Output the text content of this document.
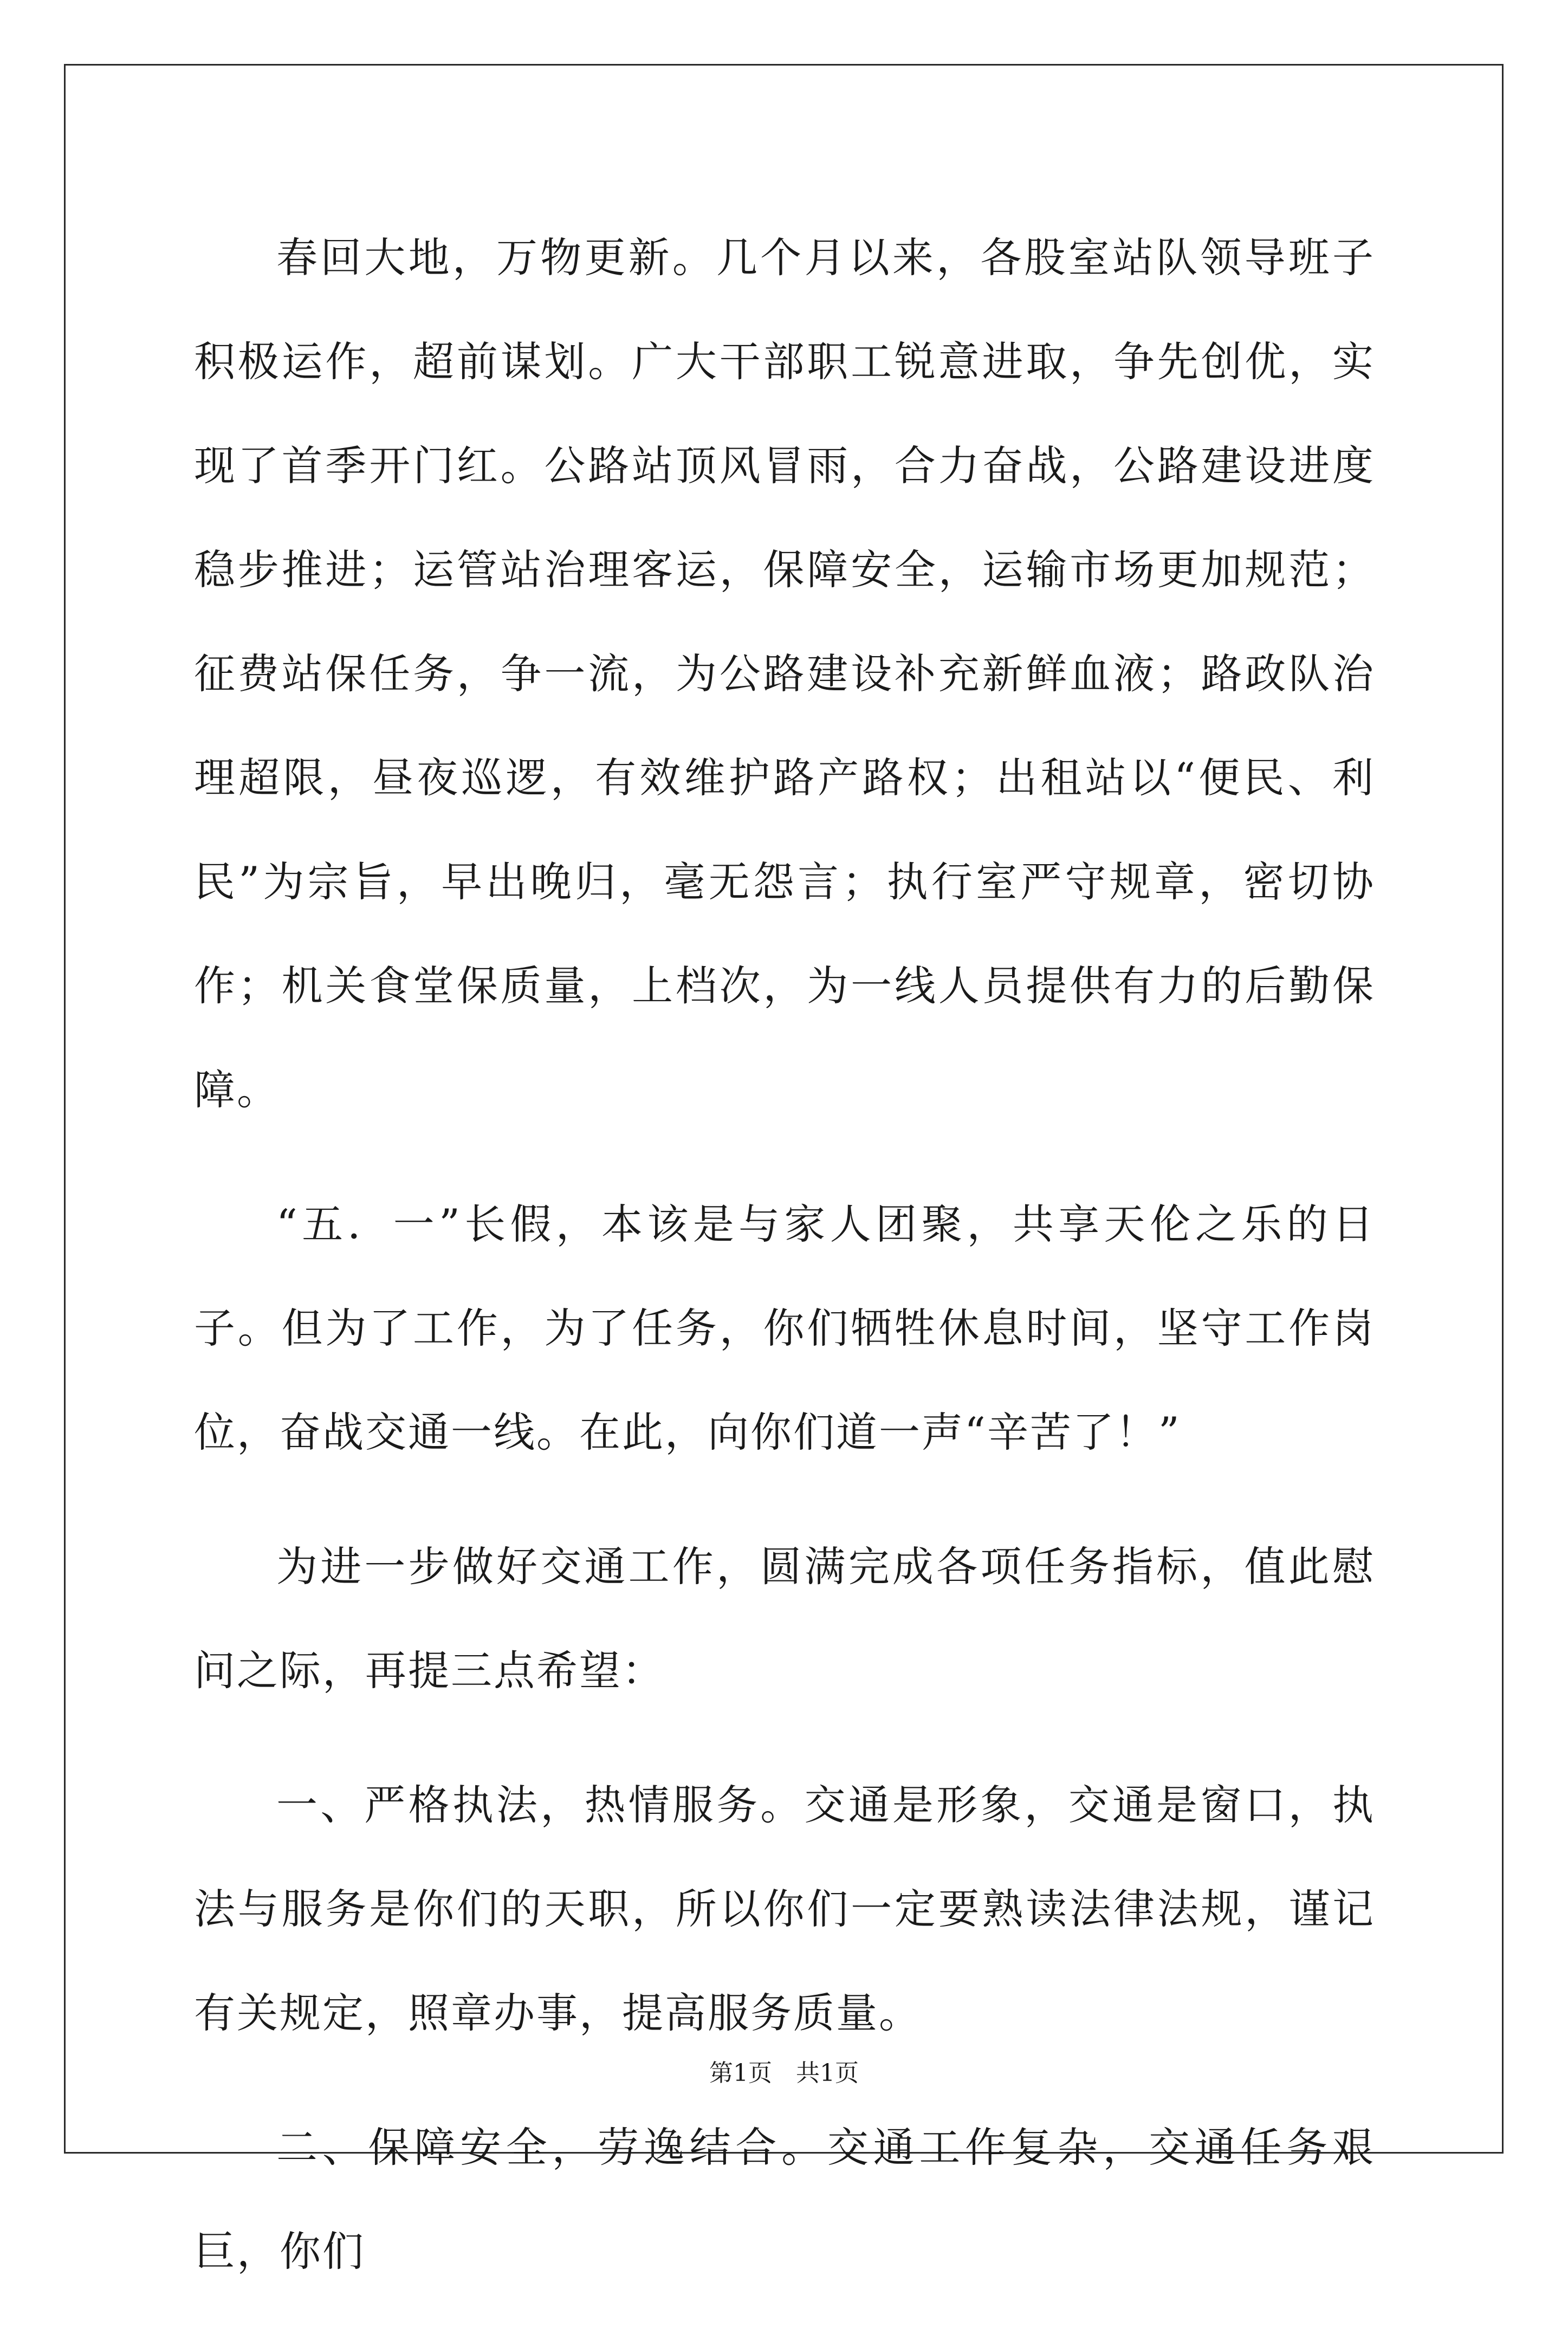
春回大地，万物更新。几个月以来，各股室站队领导班子积极运作，超前谋划。广大干部职工锐意进取，争先创优，实现了首季开门红。公路站顶风冒雨，合力奋战，公路建设进度稳步推进；运管站治理客运，保障安全，运输市场更加规范；征费站保任务，争一流，为公路建设补充新鲜血液；路政队治理超限，昼夜巡逻，有效维护路产路权；出租站以“便民、利民”为宗旨，早出晚归，毫无怨言；执行室严守规章，密切协作；机关食堂保质量，上档次，为一线人员提供有力的后勤保障。

“五．一”长假，本该是与家人团聚，共享天伦之乐的日子。但为了工作，为了任务，你们牺牲休息时间，坚守工作岗位，奋战交通一线。在此，向你们道一声“辛苦了！”

为进一步做好交通工作，圆满完成各项任务指标，值此慰问之际，再提三点希望：

一、严格执法，热情服务。交通是形象，交通是窗口，执法与服务是你们的天职，所以你们一定要熟读法律法规，谨记有关规定，照章办事，提高服务质量。

二、保障安全，劳逸结合。交通工作复杂，交通任务艰巨，你们

第1页　共1页
